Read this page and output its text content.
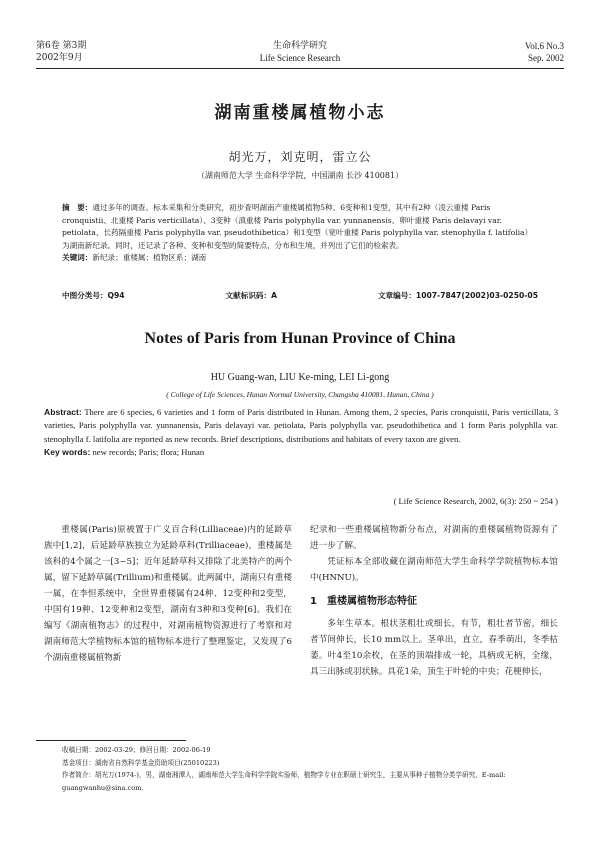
第6卷 第3期
2002年9月
生命科学研究
Life Science Research
Vol.6 No.3
Sep. 2002
湖南重楼属植物小志
胡光万，刘克明，雷立公
（湖南师范大学 生命科学学院，中国湖南 长沙 410081）
摘　要：通过多年的调查、标本采集和分类研究，初步查明湖南产重楼属植物5种、6变种和1变型，其中有2种（凌云重楼 Paris cronquistii、北重楼 Paris verticillata）、3变种（滇重楼 Paris polyphylla var. yunnanensis、卵叶重楼 Paris delavayi var. petiolata、长药隔重楼 Paris polyphylla var. pseudothibetica）和1变型（宽叶重楼 Paris polyphylla var. stenophylla f. latifolia）为湖南新纪录。同时，还记录了各种、变种和变型的简要特点、分布和生境，并列出了它们的检索表。
关键词：新纪录；重楼属；植物区系；湖南
中图分类号：Q94	文献标识码：A	文章编号：1007-7847(2002)03-0250-05
Notes of Paris from Hunan Province of China
HU Guang-wan, LIU Ke-ming, LEI Li-gong
( College of Life Sciences, Hunan Normal University, Changsha 410081, Hunan, China )
Abstract: There are 6 species, 6 varieties and 1 form of Paris distributed in Hunan. Among them, 2 species, Paris cronquistii, Paris verticillata, 3 varieties, Paris polyphylla var. yunnanensis, Paris delavayi var. petiolata, Paris polyphylla var. pseudothibetica and 1 form Paris polyphlla var. stenophylla f. latifolia are reported as new records. Brief descriptions, distributions and habitats of every taxon are given.
Key words: new records; Paris; flora; Hunan
( Life Science Research, 2002, 6(3): 250 ~ 254 )

重楼属(Paris)原被置于广义百合科(Lilliaceae)内的延龄草族中[1,2]，后延龄草族独立为延龄草科(Trilliaceae)，重楼属是该科的4个属之一[3~5]；近年延龄草科又排除了北美特产的两个属，留下延龄草属(Trillium)和重楼属。此两属中，湖南只有重楼一属，在李恒系统中，全世界重楼属有24种、12变种和2变型，中国有19种、12变种和2变型，湖南有3种和3变种[6]。我们在编写《湖南植物志》的过程中，对湖南植物资源进行了考察和对湖南师范大学植物标本馆的植物标本进行了整理鉴定，又发现了6个湖南重楼属植物新

纪录和一些重楼属植物新分布点，对湖南的重楼属植物资源有了进一步了解。

凭证标本全部收藏在湖南师范大学生命科学学院植物标本馆中(HNNU)。

1　重楼属植物形态特征

多年生草本。根状茎粗壮或细长，有节，粗壮者节密，细长者节间伸长，长10 mm以上。茎单出，直立，春季萌出，冬季枯萎。叶4至10余枚，在茎的顶端排成一轮，具柄或无柄，全缘，具三出脉或羽状脉。具花1朵，顶生于叶轮的中央；花梗伸长，

收稿日期：2002-03-29；修回日期：2002-06-19
基金项目：湖南省自然科学基金资助项目(25010223)
作者简介：胡光万(1974-)，男，湖南湘潭人，湖南师范大学生命科学学院实验师，植物学专业在职硕士研究生，主要从事种子植物分类学研究，E-mail: guangwanhu@sina.com.
